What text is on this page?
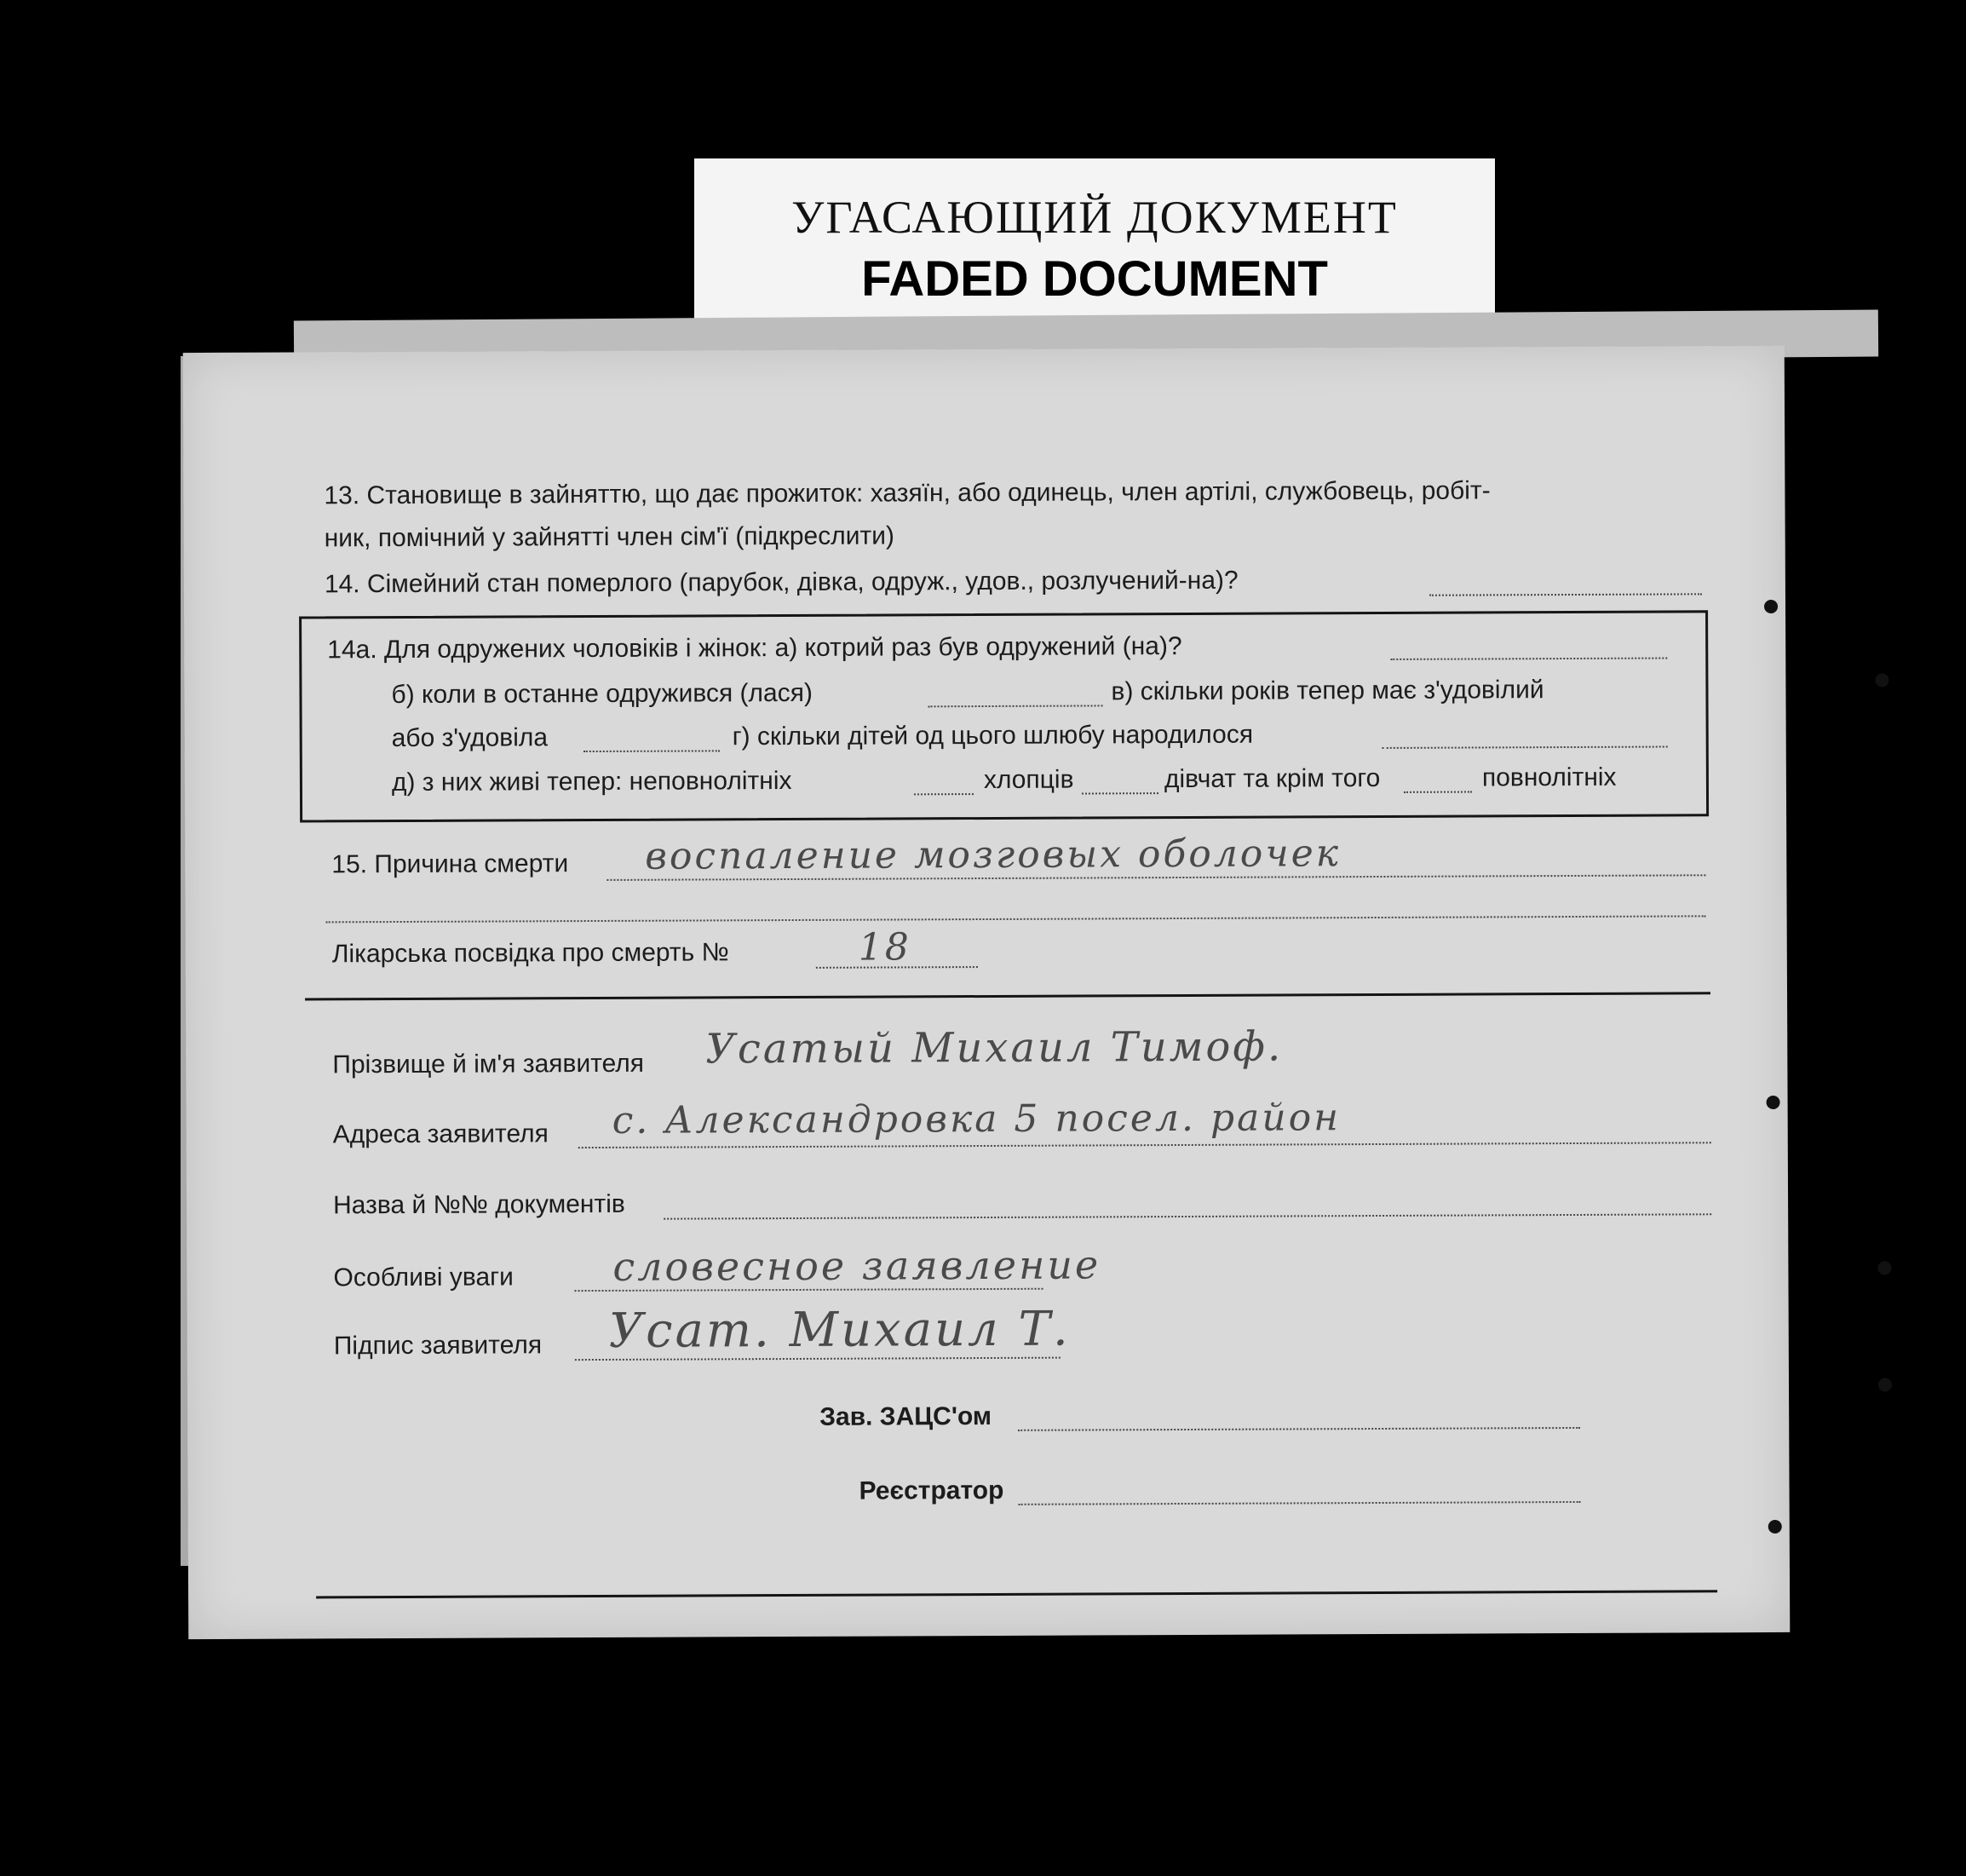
УГАСАЮЩИЙ ДОКУМЕНТ
FADED DOCUMENT
13. Становище в зайняттю, що дає прожиток: хазяїн, або одинець, член артілі, службовець, робіт-
ник, помічний у зайнятті член сім'ї (підкреслити)
14. Сімейний стан померлого (парубок, дівка, одруж., удов., розлучений-на)?
14а. Для одружених чоловіків і жінок: а) котрий раз був одружений (на)?
б) коли в останне одружився (лася)	в) скільки років тепер має з'удовілий
або з'удовіла	г) скільки дітей од цього шлюбу народилося
д) з них живі тепер: неповнолітніх	хлопців	дівчат та крім того	повнолітніх
15. Причина смерти воспаление мозговых оболочек
Лікарська посвідка про смерть №	18
Прізвище й ім'я заявителя Усатый Михаил Тимоф.
Адреса заявителя с. Александровка 5 посел. район
Назва й №№ документів
Особливі уваги	словесное заявление
Підпис заявителя Усат. Михаил Т.
Зав. ЗАЦС'ом
Реєстратор
